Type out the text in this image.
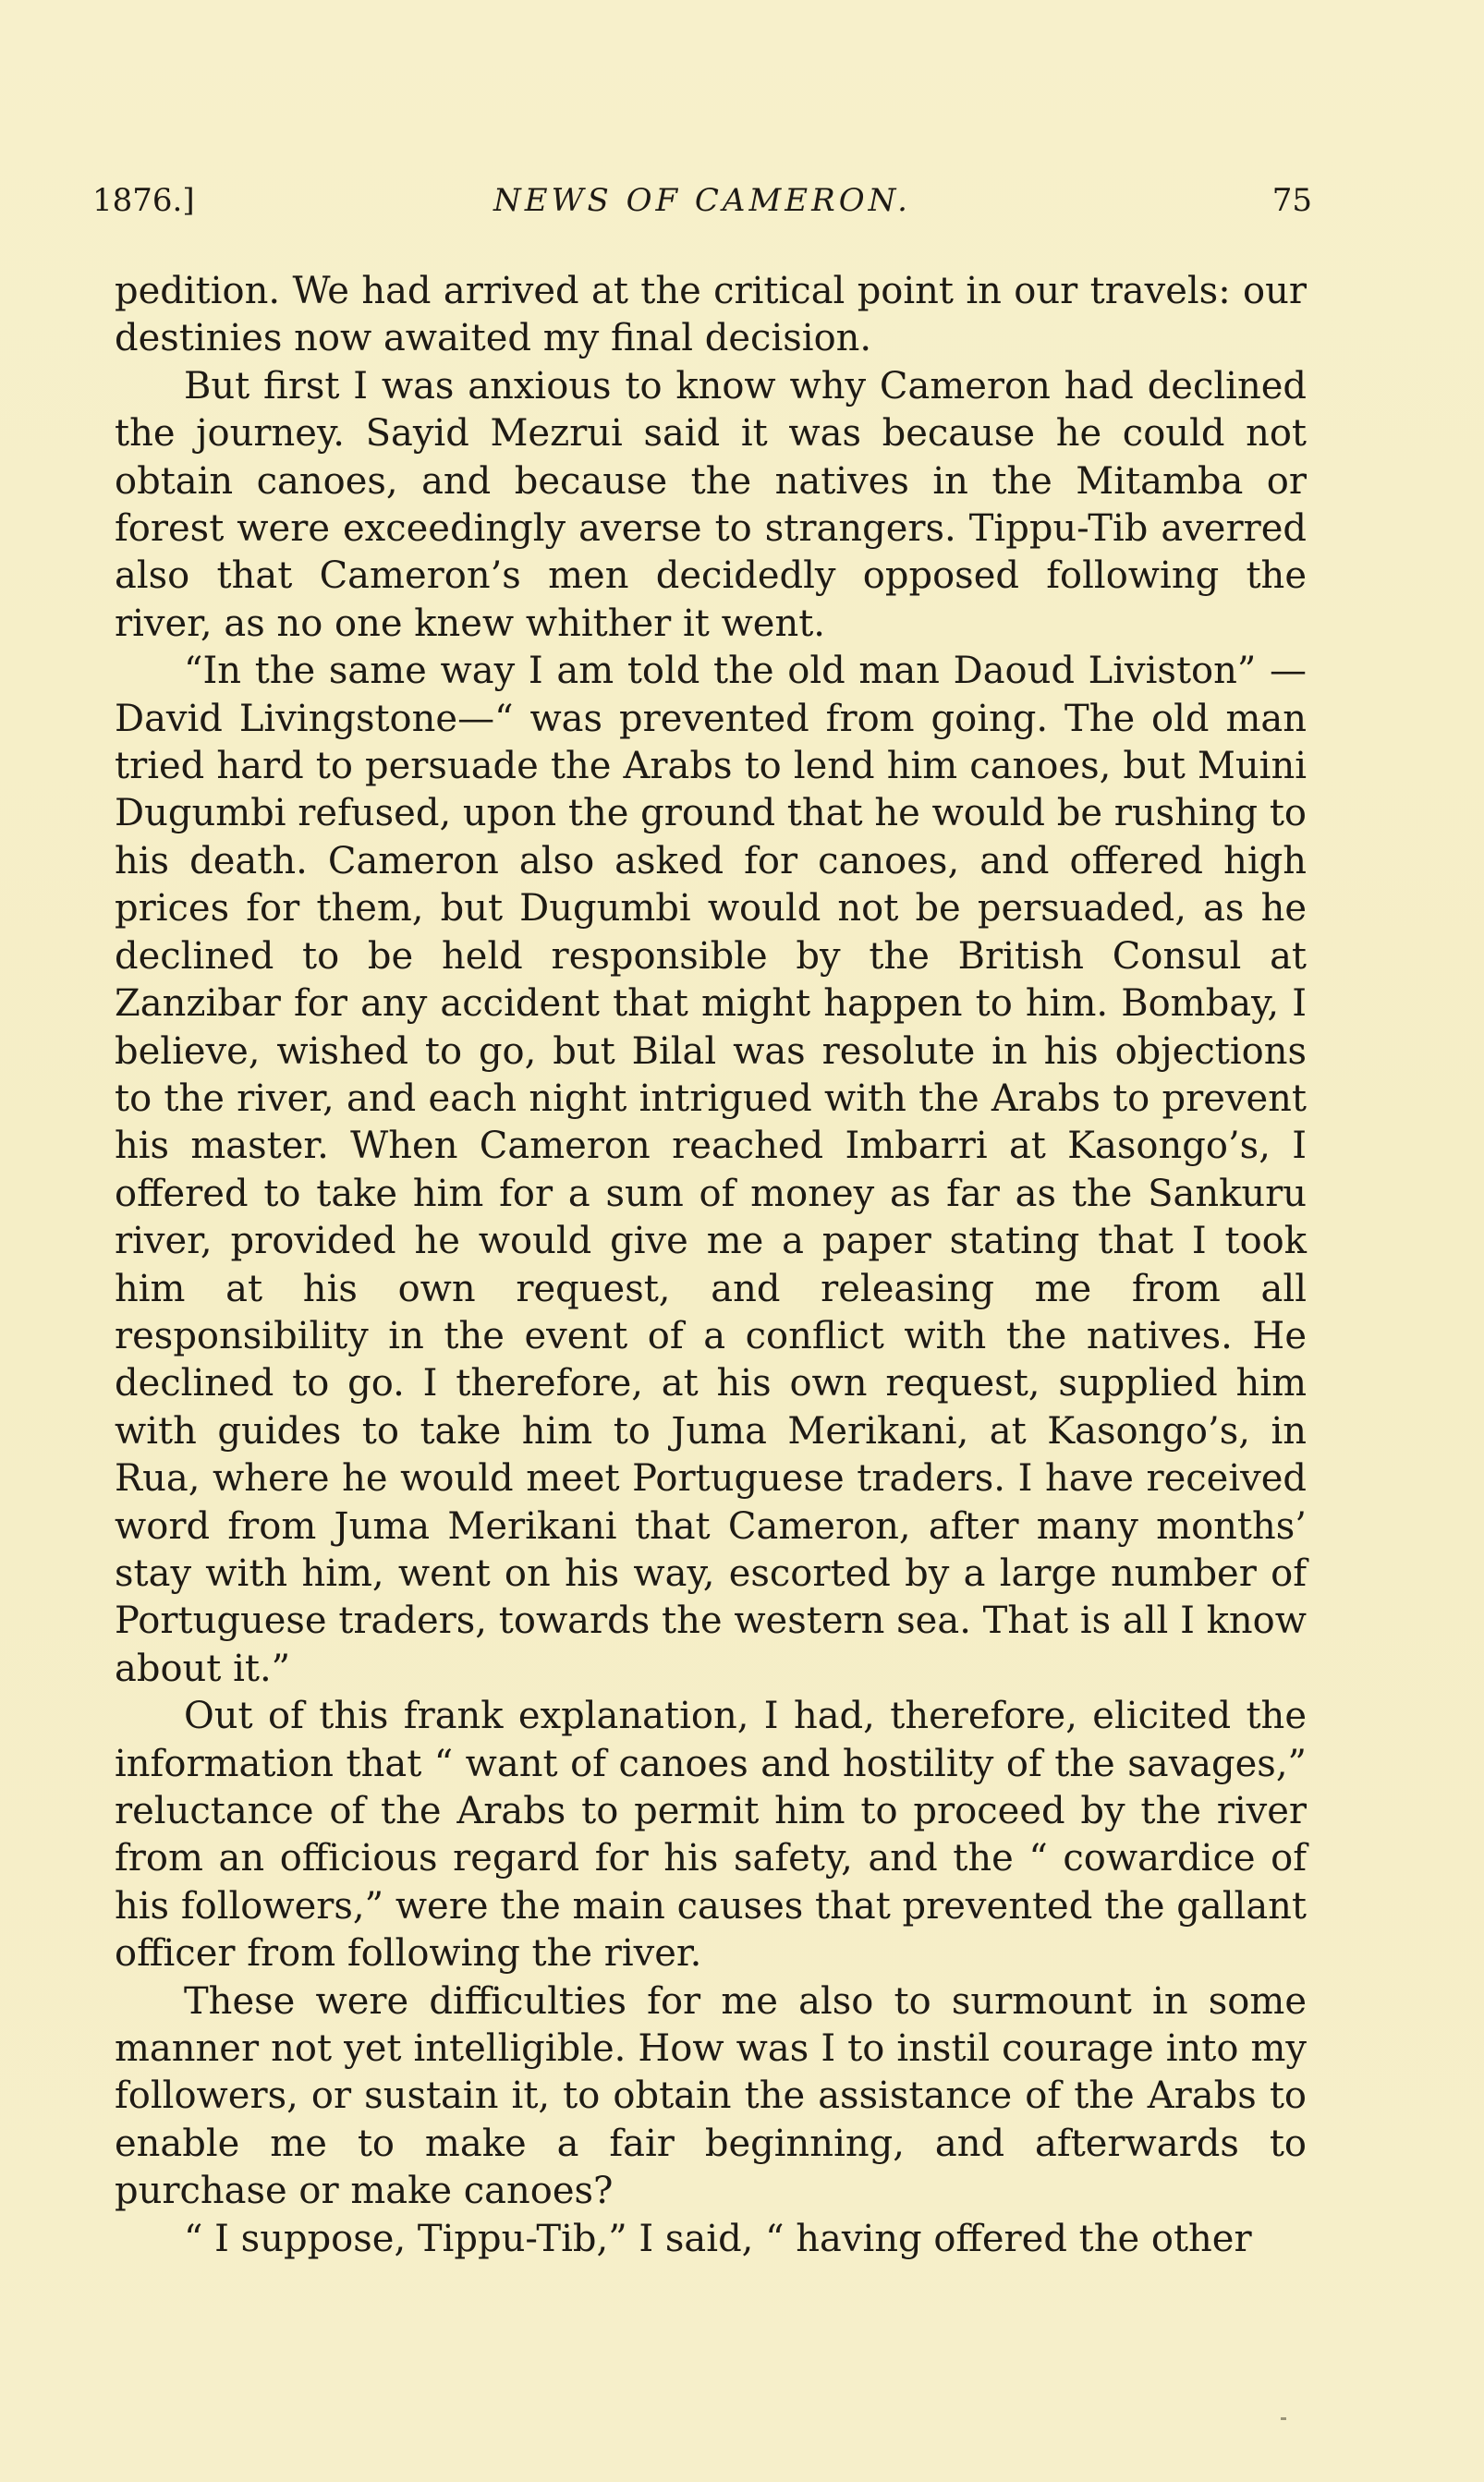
1876.]	NEWS OF CAMERON.	75

pedition. We had arrived at the critical point in our travels: our destinies now awaited my final decision.

But first I was anxious to know why Cameron had declined the journey. Sayid Mezrui said it was because he could not obtain canoes, and because the natives in the Mitamba or forest were exceedingly averse to strangers. Tippu-Tib averred also that Cameron’s men decidedly opposed following the river, as no one knew whither it went.

“In the same way I am told the old man Daoud Liviston” —David Livingstone—“ was prevented from going. The old man tried hard to persuade the Arabs to lend him canoes, but Muini Dugumbi refused, upon the ground that he would be rushing to his death. Cameron also asked for canoes, and offered high prices for them, but Dugumbi would not be persuaded, as he declined to be held responsible by the British Consul at Zanzibar for any accident that might happen to him. Bombay, I believe, wished to go, but Bilal was resolute in his objections to the river, and each night intrigued with the Arabs to prevent his master. When Cameron reached Imbarri at Kasongo’s, I offered to take him for a sum of money as far as the Sankuru river, provided he would give me a paper stating that I took him at his own request, and releasing me from all responsibility in the event of a conflict with the natives. He declined to go. I therefore, at his own request, supplied him with guides to take him to Juma Merikani, at Kasongo’s, in Rua, where he would meet Portuguese traders. I have received word from Juma Merikani that Cameron, after many months’ stay with him, went on his way, escorted by a large number of Portuguese traders, towards the western sea. That is all I know about it.”

Out of this frank explanation, I had, therefore, elicited the information that “ want of canoes and hostility of the savages,” reluctance of the Arabs to permit him to proceed by the river from an officious regard for his safety, and the “ cowardice of his followers,” were the main causes that prevented the gallant officer from following the river.

These were difficulties for me also to surmount in some manner not yet intelligible. How was I to instil courage into my followers, or sustain it, to obtain the assistance of the Arabs to enable me to make a fair beginning, and afterwards to purchase or make canoes?

“ I suppose, Tippu-Tib,” I said, “ having offered the other
